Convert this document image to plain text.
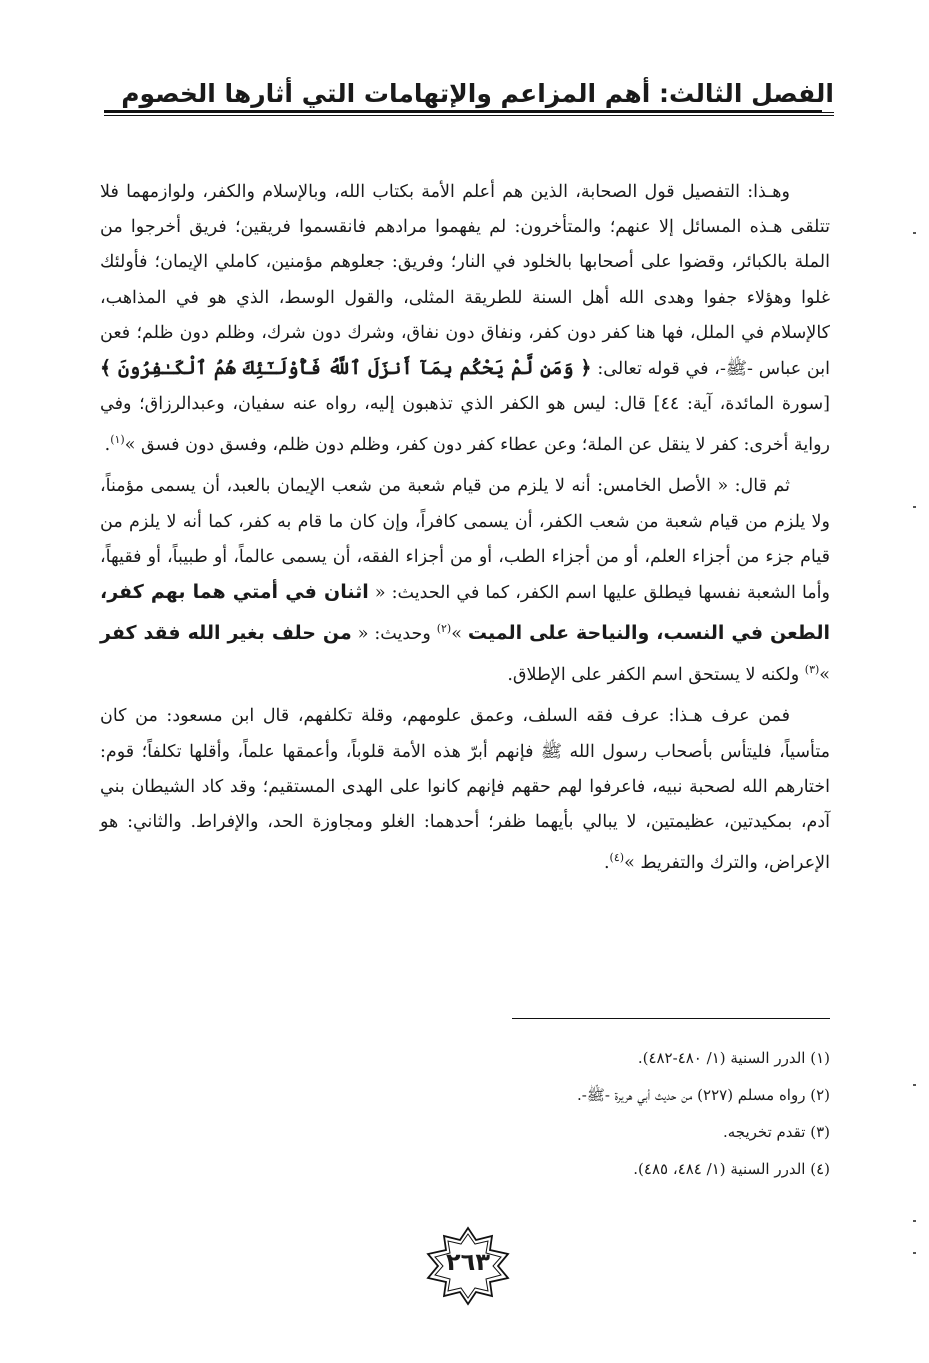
الفصل الثالث: أهم المزاعم والإتهامات التي أثارها الخصوم

وهـذا: التفصيل قول الصحابة، الذين هم أعلم الأمة بكتاب الله، وبالإسلام والكفر، ولوازمهما فلا تتلقى هـذه المسائل إلا عنهم؛ والمتأخرون: لم يفهموا مرادهم فانقسموا فريقين؛ فريق أخرجوا من الملة بالكبائر، وقضوا على أصحابها بالخلود في النار؛ وفريق: جعلوهم مؤمنين، كاملي الإيمان؛ فأولئك غلوا وهؤلاء جفوا وهدى الله أهل السنة للطريقة المثلى، والقول الوسط، الذي هو في المذاهب، كالإسلام في الملل، فها هنا كفر دون كفر، ونفاق دون نفاق، وشرك دون شرك، وظلم دون ظلم؛ فعن ابن عباس -ﷺ-، في قوله تعالى: ﴿ وَمَن لَّمْ يَحْكُم بِمَآ أَنزَلَ ٱللَّهُ فَأُوْلَـٰٓئِكَ هُمُ ٱلْكَـٰفِرُونَ ﴾ [سورة المائدة، آية: ٤٤] قال: ليس هو الكفر الذي تذهبون إليه، رواه عنه سفيان، وعبدالرزاق؛ وفي رواية أخرى: كفر لا ينقل عن الملة؛ وعن عطاء كفر دون كفر، وظلم دون ظلم، وفسق دون فسق »$^{(١)}$.

ثم قال: « الأصل الخامس: أنه لا يلزم من قيام شعبة من شعب الإيمان بالعبد، أن يسمى مؤمناً، ولا يلزم من قيام شعبة من شعب الكفر، أن يسمى كافراً، وإن كان ما قام به كفر، كما أنه لا يلزم من قيام جزء من أجزاء العلم، أو من أجزاء الطب، أو من أجزاء الفقه، أن يسمى عالماً، أو طبيباً، أو فقيهاً، وأما الشعبة نفسها فيطلق عليها اسم الكفر، كما في الحديث: « اثنان في أمتي هما بهم كفر، الطعن في النسب، والنياحة على الميت »$^{(٢)}$ وحديث: « من حلف بغير الله فقد كفر »$^{(٣)}$ ولكنه لا يستحق اسم الكفر على الإطلاق.

فمن عرف هـذا: عرف فقه السلف، وعمق علومهم، وقلة تكلفهم، قال ابن مسعود: من كان متأسياً، فليتأس بأصحاب رسول الله ﷺ فإنهم أبرّ هذه الأمة قلوباً، وأعمقها علماً، وأقلها تكلفاً؛ قوم: اختارهم الله لصحبة نبيه، فاعرفوا لهم حقهم فإنهم كانوا على الهدى المستقيم؛ وقد كاد الشيطان بني آدم، بمكيدتين، عظيمتين، لا يبالي بأيهما ظفر؛ أحدهما: الغلو ومجاوزة الحد، والإفراط. والثاني: هو الإعراض، والترك والتفريط »$^{(٤)}$.

(١) الدرر السنية (١/ ٤٨٠-٤٨٢).
(٢) رواه مسلم (٢٢٧) من حديث أبي هريرة -ﷺ-.
(٣) تقدم تخريجه.
(٤) الدرر السنية (١/ ٤٨٤، ٤٨٥).
٢٦٣
